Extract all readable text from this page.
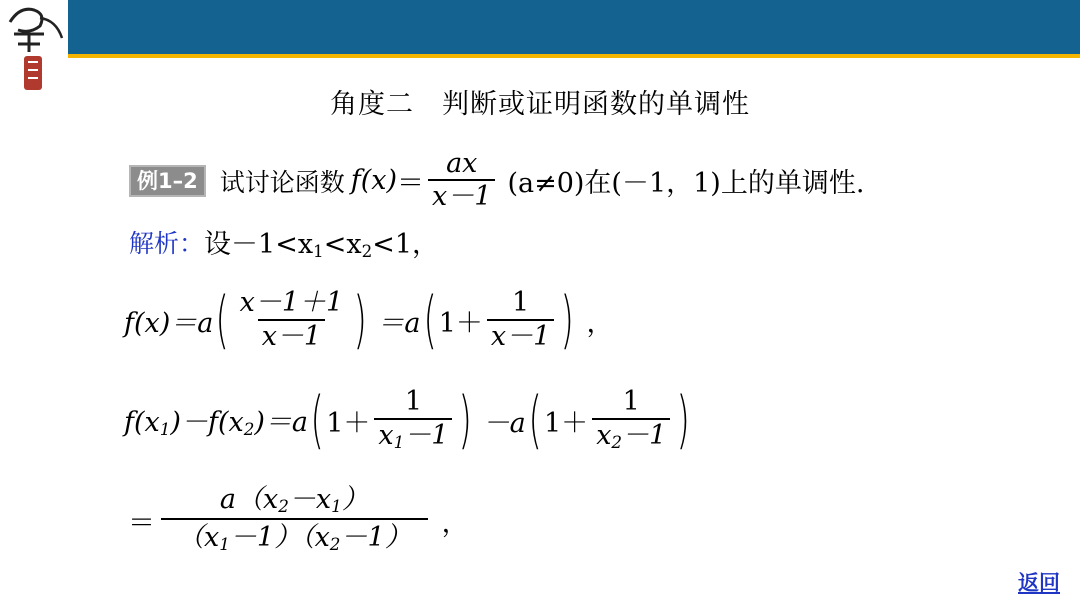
角度二　判断或证明函数的单调性
例1–2 试讨论函数 $f(x) = \frac{ax}{x-1} (a\ne 0)$在(－1，1)上的单调性.
解析： 设$-1<x_1<x_2<1$，
f(x)＝a ( $\frac{x-1+1}{x-1}$ ) ＝a ( $1+ \frac{1}{x-1}$ ) ，
$f(x_1)-f(x_2)=a$ ( $1+ \frac{1}{x_1-1}$ ) －a ( $1+ \frac{1}{x_2-1}$ )
＝ $\frac{a(x_2-x_1)}{(x_1-1)(x_2-1)}$ ，
返回
